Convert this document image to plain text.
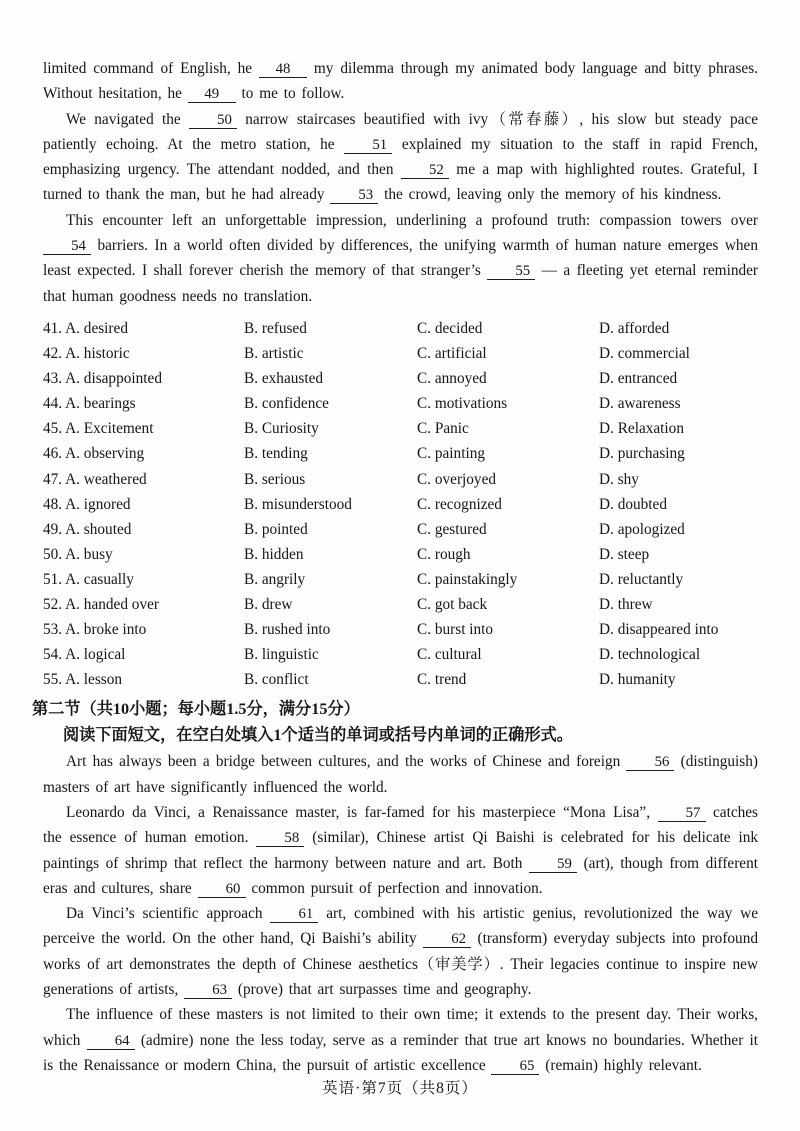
limited command of English, he 48 my dilemma through my animated body language and bitty phrases. Without hesitation, he 49 to me to follow.

We navigated the 50 narrow staircases beautified with ivy（常春藤）, his slow but steady pace patiently echoing. At the metro station, he 51 explained my situation to the staff in rapid French, emphasizing urgency. The attendant nodded, and then 52 me a map with highlighted routes. Grateful, I turned to thank the man, but he had already 53 the crowd, leaving only the memory of his kindness.

This encounter left an unforgettable impression, underlining a profound truth: compassion towers over 54 barriers. In a world often divided by differences, the unifying warmth of human nature emerges when least expected. I shall forever cherish the memory of that stranger’s 55 — a fleeting yet eternal reminder that human goodness needs no translation.

41. A. desired	B. refused	C. decided	D. afforded
42. A. historic	B. artistic	C. artificial	D. commercial
43. A. disappointed	B. exhausted	C. annoyed	D. entranced
44. A. bearings	B. confidence	C. motivations	D. awareness
45. A. Excitement	B. Curiosity	C. Panic	D. Relaxation
46. A. observing	B. tending	C. painting	D. purchasing
47. A. weathered	B. serious	C. overjoyed	D. shy
48. A. ignored	B. misunderstood	C. recognized	D. doubted
49. A. shouted	B. pointed	C. gestured	D. apologized
50. A. busy	B. hidden	C. rough	D. steep
51. A. casually	B. angrily	C. painstakingly	D. reluctantly
52. A. handed over	B. drew	C. got back	D. threw
53. A. broke into	B. rushed into	C. burst into	D. disappeared into
54. A. logical	B. linguistic	C. cultural	D. technological
55. A. lesson	B. conflict	C. trend	D. humanity
第二节（共10小题；每小题1.5分，满分15分）

阅读下面短文，在空白处填入1个适当的单词或括号内单词的正确形式。

Art has always been a bridge between cultures, and the works of Chinese and foreign 56 (distinguish) masters of art have significantly influenced the world.

Leonardo da Vinci, a Renaissance master, is far-famed for his masterpiece “Mona Lisa”, 57 catches the essence of human emotion. 58 (similar), Chinese artist Qi Baishi is celebrated for his delicate ink paintings of shrimp that reflect the harmony between nature and art. Both 59 (art), though from different eras and cultures, share 60 common pursuit of perfection and innovation.

Da Vinci’s scientific approach 61 art, combined with his artistic genius, revolutionized the way we perceive the world. On the other hand, Qi Baishi’s ability 62 (transform) everyday subjects into profound works of art demonstrates the depth of Chinese aesthetics（审美学）. Their legacies continue to inspire new generations of artists, 63 (prove) that art surpasses time and geography.

The influence of these masters is not limited to their own time; it extends to the present day. Their works, which 64 (admire) none the less today, serve as a reminder that true art knows no boundaries. Whether it is the Renaissance or modern China, the pursuit of artistic excellence 65 (remain) highly relevant.

英语·第7页（共8页）
